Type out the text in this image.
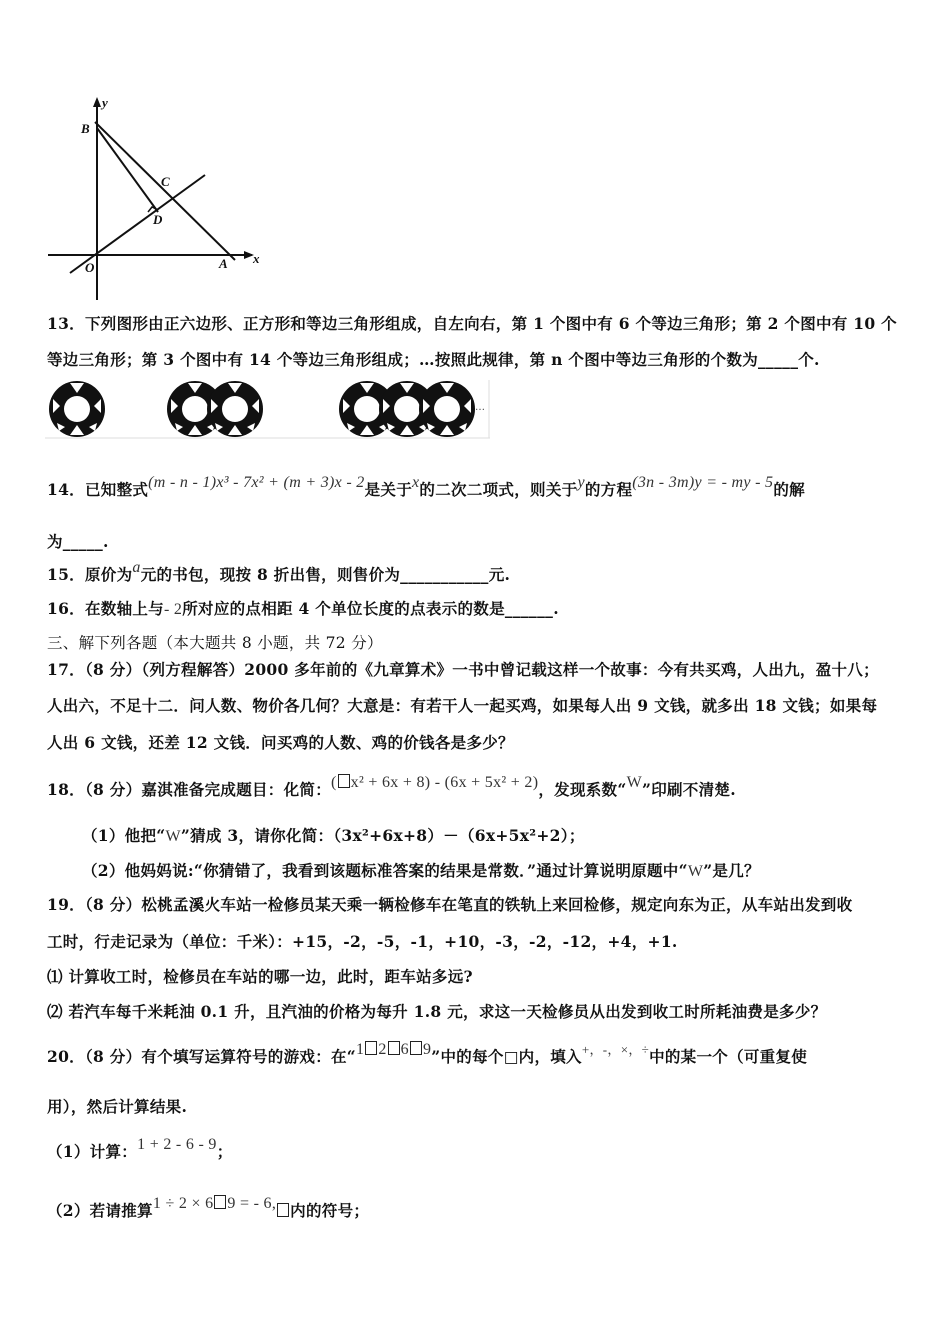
y
B
C
D
O	A x
13．下列图形由正六边形、正方形和等边三角形组成，自左向右，第 1 个图中有 6 个等边三角形；第 2 个图中有 10 个
等边三角形；第 3 个图中有 14 个等边三角形组成；…按照此规律，第 n 个图中等边三角形的个数为_____个.
…
14．已知整式(m - n - 1)x³ - 7x² + (m + 3)x - 2是关于x的二次二项式，则关于y的方程(3n - 3m)y = - my - 5的解
为_____.
15．原价为a元的书包，现按 8 折出售，则售价为___________元.
16．在数轴上与- 2所对应的点相距 4 个单位长度的点表示的数是______.
三、解下列各题（本大题共 8 小题，共 72 分）
17．（8 分）（列方程解答）2000 多年前的《九章算术》一书中曾记载这样一个故事：今有共买鸡，人出九，盈十八；
人出六，不足十二．问人数、物价各几何？大意是：有若干人一起买鸡，如果每人出 9 文钱，就多出 18 文钱；如果每
人出 6 文钱，还差 12 文钱．问买鸡的人数、鸡的价钱各是多少？
18．（8 分）嘉淇准备完成题目：化简：( x² + 6x + 8) - (6x + 5x² + 2)，发现系数“W”印刷不清楚.
（1）他把“W”猜成 3，请你化简：（3x²+6x+8）－（6x+5x²+2）；
（2）他妈妈说:“你猜错了，我看到该题标准答案的结果是常数．”通过计算说明原题中“W”是几？
19．（8 分）松桃孟溪火车站一检修员某天乘一辆检修车在笔直的铁轨上来回检修，规定向东为正，从车站出发到收
工时，行走记录为（单位：千米）：+15，-2，-5，-1，+10，-3，-2，-12，+4，+1.
⑴ 计算收工时，检修员在车站的哪一边，此时，距车站多远?
⑵ 若汽车每千米耗油 0.1 升，且汽油的价格为每升 1.8 元，求这一天检修员从出发到收工时所耗油费是多少？
20．（8 分）有个填写运算符号的游戏：在“1 2 6 9”中的每个□内，填入+，-，×，÷中的某一个（可重复使
用），然后计算结果.
（1）计算：1 + 2 - 6 - 9；
（2）若请推算1 ÷ 2 × 6 9 = - 6, 内的符号；
